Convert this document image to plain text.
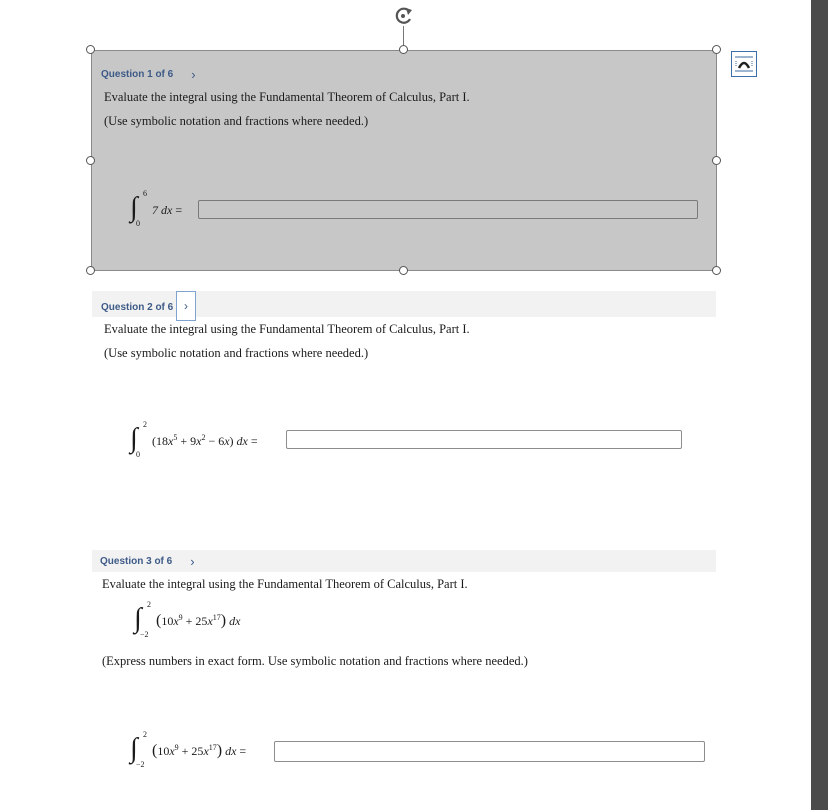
Question 1 of 6 ›
Evaluate the integral using the Fundamental Theorem of Calculus, Part I.
(Use symbolic notation and fractions where needed.)
∫ 6
0
7
dx
=
Question 2 of 6 ›
Evaluate the integral using the Fundamental Theorem of Calculus, Part I.
(Use symbolic notation and fractions where needed.)
∫ 2
0
$(18x^5 + 9x^2 - 6x)$
dx
=
Question 3 of 6 ›
Evaluate the integral using the Fundamental Theorem of Calculus, Part I.
∫ 2
−2
$(10x^9 + 25x^{17})$
dx
(Express numbers in exact form. Use symbolic notation and fractions where needed.)
∫ 2
−2
$(10x^9 + 25x^{17})$
dx
=
